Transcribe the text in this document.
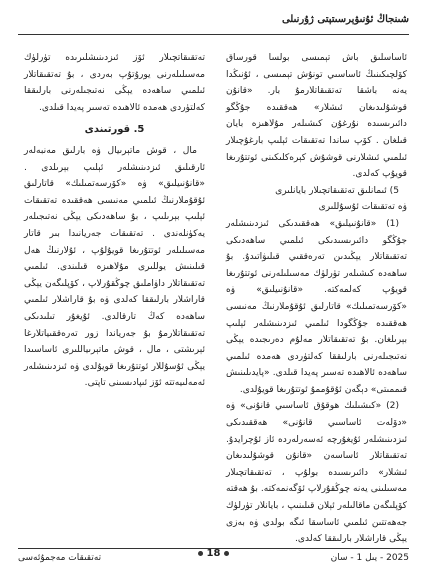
شىنجاڭ ئۇنىۋېرسىتېتى ژۇرنىلى

ئاساسلىق باش تېمىسى بولسا قورساق كۆلچىكىنىڭ ئاساسىي تونۇش تېمىسى ، ئۇنىڭدا يەنە باشقا تەتقىقاتلارمۇ بار. «قانۇن قوشۇلىدىغان ئىشلار» ھەققىدە جۇڭگو دائىرىسىدە نۇرغۇن كىشىلەر مۇلاھىزە بايان قىلغان . كۆپ ساندا تەتقىقات ئېلىپ بارغۇچىلار ئىلمىي ئىشلارنى قوشۇش كېرەكلىكىنى ئوتتۇرىغا قويۇپ كەلدى.

5) ئىمانلىق تەتقىقاتچىلار بايانلىرى

ۋە تەتقىقات ئۇسۇللىرى

(1) «قانۇنىيلىق» ھەققىدىكى ئىزدىنىشلەر جۇڭگو دائىرىسىدىكى ئىلمىي ساھەدىكى تەتقىقاتلار يېڭىدىن تەرەققىي قىلىۋاتىدۇ. بۇ ساھەدە كىشىلەر تۈرلۈك مەسىلىلەرنى ئوتتۇرىغا قويۇپ كەلمەكتە. «قانۇنىيلىق» ۋە «كۆرسەتمىلىك» قاتارلىق ئۇقۇملارنىڭ مەنىسى ھەققىدە جۇڭگودا ئىلمىي ئىزدىنىشلەر ئېلىپ بېرىلغان. بۇ تەتقىقاتلار مەلۇم دەرىجىدە يېڭى نەتىجىلەرنى بارلىققا كەلتۈردى ھەمدە ئىلمىي ساھەدە ئالاھىدە تەسىر پەيدا قىلدى. «پايدىلىنىش قىممىتى» دېگەن ئۇقۇممۇ ئوتتۇرىغا قويۇلدى.

(2) «كىشىلىك ھوقۇق ئاساسىي قانۇنى» ۋە «دۆلەت ئاساسىي قانۇنى» ھەققىدىكى ئىزدىنىشلەر ئۇيغۇرچە ئەسەرلەردە ئاز ئۇچرايدۇ. تەتقىقاتلار ئاساسەن «قانۇن قوشۇلىدىغان ئىشلار» دائىرىسىدە بولۇپ ، تەتقىقاتچىلار مەسىلىنى يەنە چوڭقۇرلاپ ئۆگەنمەكتە. بۇ ھەقتە كۆپلىگەن ماقالىلەر ئېلان قىلىنىپ ، بايانلار تۈرلۈك جەھەتتىن ئىلمىي ئاساسقا ئىگە بولدى ۋە بەزى يېڭى قاراشلار بارلىققا كەلدى.

تەتقىقاتچىلار ئۆز ئىزدىنىشلىرىدە تۈرلۈك مەسىلىلەرنى يورۇتۇپ بەردى ، بۇ تەتقىقاتلار ئىلمىي ساھەدە يېڭى نەتىجىلەرنى بارلىققا كەلتۈردى ھەمدە ئالاھىدە تەسىر پەيدا قىلدى.

5. قورتىندى

مال ، قوش ماتېرىيال ۋە بارلىق مەنبەلەر ئارقىلىق ئىزدىنىشلەر ئېلىپ بېرىلدى . «قانۇنىيلىق» ۋە «كۆرسەتمىلىك» قاتارلىق ئۇقۇملارنىڭ ئىلمىي مەنىسى ھەققىدە تەتقىقات ئېلىپ بېرىلىپ ، بۇ ساھەدىكى يېڭى نەتىجىلەر يەكۈنلەندى . تەتقىقات جەريانىدا بىر قاتار مەسىلىلەر ئوتتۇرىغا قويۇلۇپ ، ئۇلارنىڭ ھەل قىلىنىش يوللىرى مۇلاھىزە قىلىندى. ئىلمىي تەتقىقاتلار داۋاملىق چوڭقۇرلاپ ، كۆپلىگەن يېڭى قاراشلار بارلىققا كەلدى ۋە بۇ قاراشلار ئىلمىي ساھەدە كەڭ تارقالدى. ئۇيغۇر تىلىدىكى تەتقىقاتلارمۇ بۇ جەرياندا زور تەرەققىياتلارغا ئېرىشتى ، مال ، قوش ماتېرىياللىرى ئاساسىدا يېڭى ئۇسۇللار ئوتتۇرىغا قويۇلدى ۋە ئىزدىنىشلەر ئەمەلىيەتتە ئۆز ئىپادىسىنى تاپتى.

2025 - يىل 1 - سان
18
تەتقىقات مەجمۇئەسى
